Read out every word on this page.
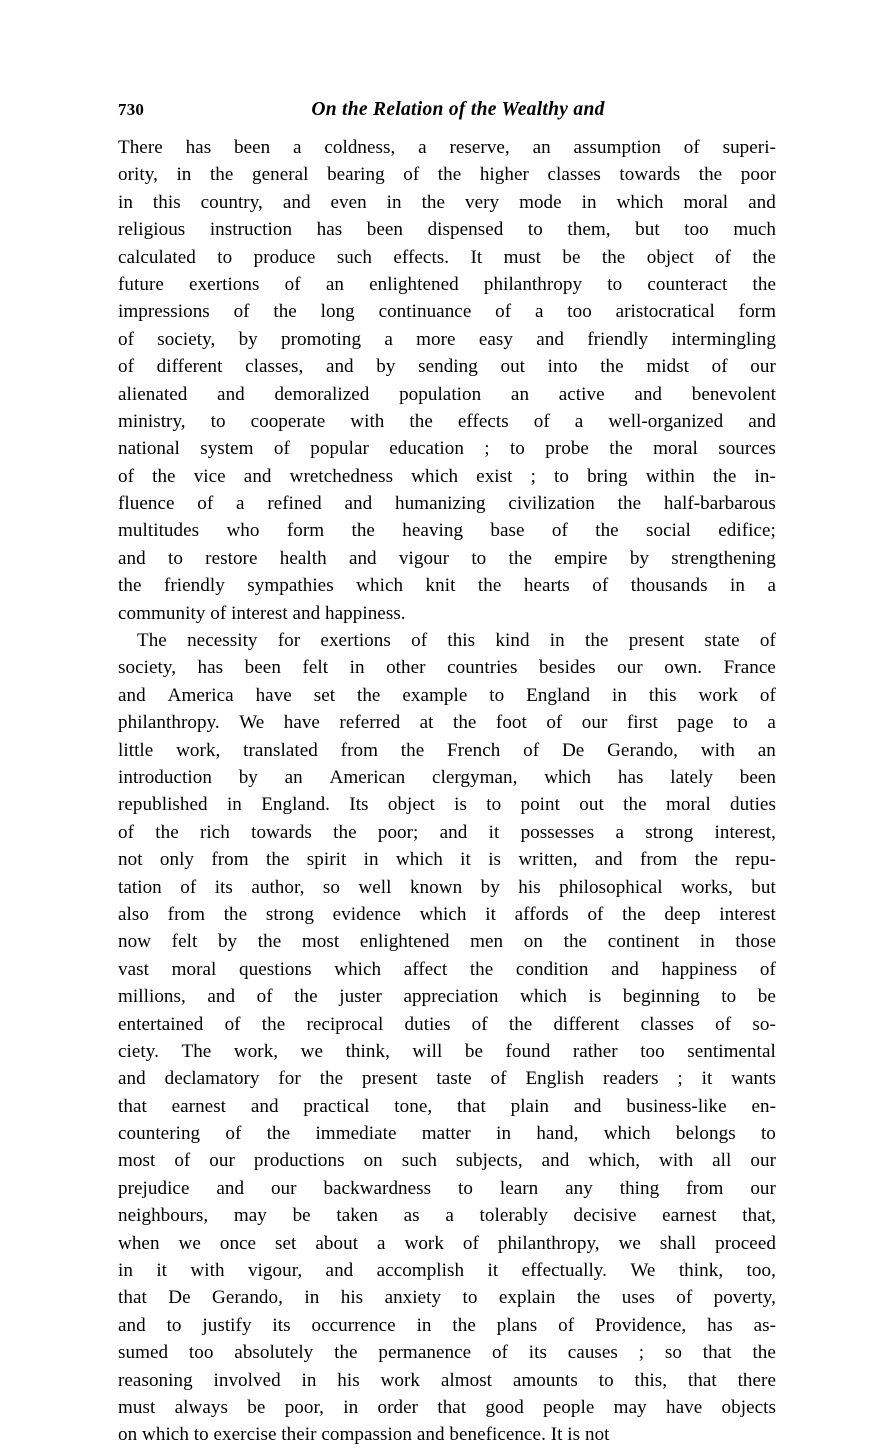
730	On the Relation of the Wealthy and
There has been a coldness, a reserve, an assumption of superi-
ority, in the general bearing of the higher classes towards the poor
in this country, and even in the very mode in which moral and
religious instruction has been dispensed to them, but too much
calculated to produce such effects. It must be the object of the
future exertions of an enlightened philanthropy to counteract the
impressions of the long continuance of a too aristocratical form
of society, by promoting a more easy and friendly intermingling
of different classes, and by sending out into the midst of our
alienated and demoralized population an active and benevolent
ministry, to cooperate with the effects of a well-organized and
national system of popular education ; to probe the moral sources
of the vice and wretchedness which exist ; to bring within the in-
fluence of a refined and humanizing civilization the half-barbarous
multitudes who form the heaving base of the social edifice;
and to restore health and vigour to the empire by strengthening
the friendly sympathies which knit the hearts of thousands in a
community of interest and happiness.
The necessity for exertions of this kind in the present state of
society, has been felt in other countries besides our own. France
and America have set the example to England in this work of
philanthropy. We have referred at the foot of our first page to a
little work, translated from the French of De Gerando, with an
introduction by an American clergyman, which has lately been
republished in England. Its object is to point out the moral duties
of the rich towards the poor; and it possesses a strong interest,
not only from the spirit in which it is written, and from the repu-
tation of its author, so well known by his philosophical works, but
also from the strong evidence which it affords of the deep interest
now felt by the most enlightened men on the continent in those
vast moral questions which affect the condition and happiness of
millions, and of the juster appreciation which is beginning to be
entertained of the reciprocal duties of the different classes of so-
ciety. The work, we think, will be found rather too sentimental
and declamatory for the present taste of English readers ; it wants
that earnest and practical tone, that plain and business-like en-
countering of the immediate matter in hand, which belongs to
most of our productions on such subjects, and which, with all our
prejudice and our backwardness to learn any thing from our
neighbours, may be taken as a tolerably decisive earnest that,
when we once set about a work of philanthropy, we shall proceed
in it with vigour, and accomplish it effectually. We think, too,
that De Gerando, in his anxiety to explain the uses of poverty,
and to justify its occurrence in the plans of Providence, has as-
sumed too absolutely the permanence of its causes ; so that the
reasoning involved in his work almost amounts to this, that there
must always be poor, in order that good people may have objects
on which to exercise their compassion and beneficence. It is not
